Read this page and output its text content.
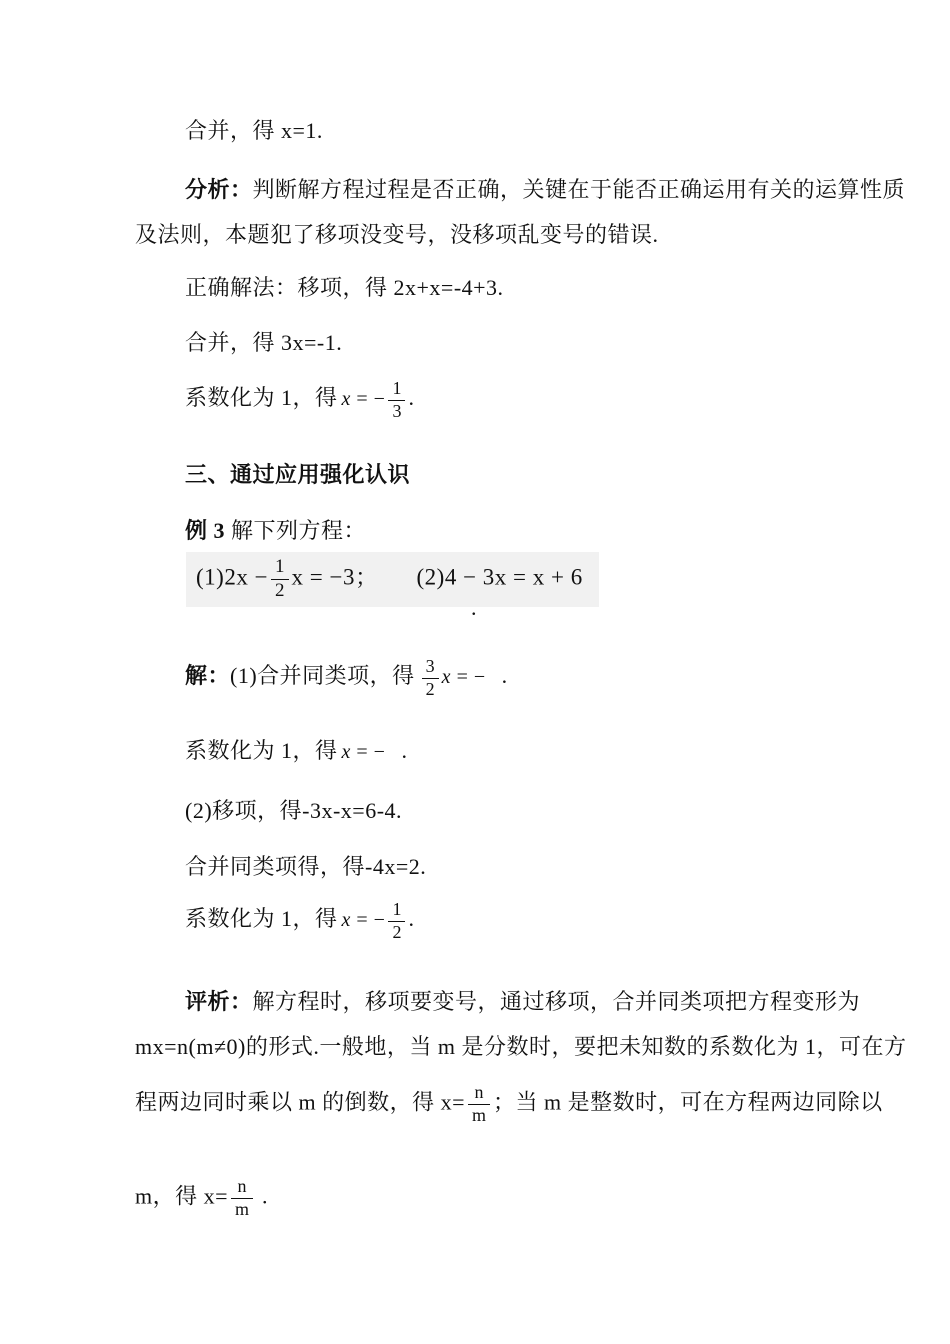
合并，得 x=1.
分析：判断解方程过程是否正确，关键在于能否正确运用有关的运算性质
及法则，本题犯了移项没变号，没移项乱变号的错误.
正确解法：移项，得 2x+x=-4+3.
合并，得 3x=-1.
系数化为 1，得 x = − $\frac{1}{3}$ .
三、通过应用强化认识
例 3 解下列方程：
$(1)2x - \frac{1}{2}$ x = −3； (2)4 − 3x = x + 6
.
解：(1)合并同类项，得 $\frac{3}{2}$ x = − .
系数化为 1，得 x = − .
(2)移项，得-3x-x=6-4.
合并同类项得，得-4x=2.
系数化为 1，得 x = − $\frac{1}{2}$ .
评析：解方程时，移项要变号，通过移项，合并同类项把方程变形为
mx=n(m≠0)的形式.一般地，当 m 是分数时，要把未知数的系数化为 1，可在方
程两边同时乘以 m 的倒数，得 $x= \frac{n}{m}$ ；当 m 是整数时，可在方程两边同除以
m，得 $x= \frac{n}{m}$ .
